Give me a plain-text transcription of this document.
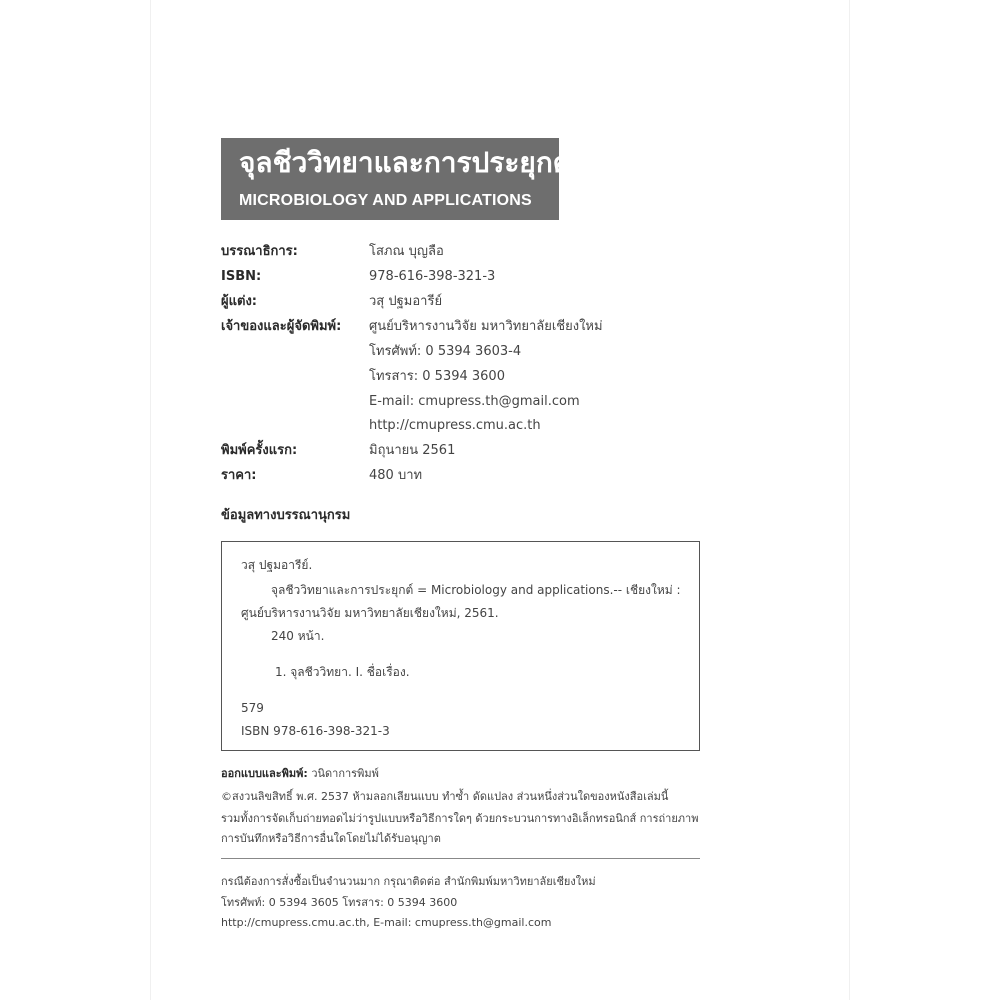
จุลชีววิทยาและการประยุกต์
MICROBIOLOGY AND APPLICATIONS
บรรณาธิการ:	โสภณ บุญลือ
ISBN:	978-616-398-321-3
ผู้แต่ง:	วสุ ปฐมอารีย์
เจ้าของและผู้จัดพิมพ์: ศูนย์บริหารงานวิจัย มหาวิทยาลัยเชียงใหม่
โทรศัพท์: 0 5394 3603-4
โทรสาร: 0 5394 3600
E-mail: cmupress.th@gmail.com
http://cmupress.cmu.ac.th
พิมพ์ครั้งแรก:	มิถุนายน 2561
ราคา:	480 บาท
ข้อมูลทางบรรณานุกรม
วสุ ปฐมอารีย์.
จุลชีววิทยาและการประยุกต์ = Microbiology and applications.-- เชียงใหม่ :
ศูนย์บริหารงานวิจัย มหาวิทยาลัยเชียงใหม่, 2561.
240 หน้า.
1. จุลชีววิทยา. I. ชื่อเรื่อง.
579
ISBN 978-616-398-321-3
ออกแบบและพิมพ์: วนิดาการพิมพ์
©สงวนลิขสิทธิ์ พ.ศ. 2537 ห้ามลอกเลียนแบบ ทำซ้ำ ดัดแปลง ส่วนหนึ่งส่วนใดของหนังสือเล่มนี้
รวมทั้งการจัดเก็บถ่ายทอดไม่ว่ารูปแบบหรือวิธีการใดๆ ด้วยกระบวนการทางอิเล็กทรอนิกส์ การถ่ายภาพ
การบันทึกหรือวิธีการอื่นใดโดยไม่ได้รับอนุญาต
กรณีต้องการสั่งซื้อเป็นจำนวนมาก กรุณาติดต่อ สำนักพิมพ์มหาวิทยาลัยเชียงใหม่
โทรศัพท์: 0 5394 3605 โทรสาร: 0 5394 3600
http://cmupress.cmu.ac.th, E-mail: cmupress.th@gmail.com
